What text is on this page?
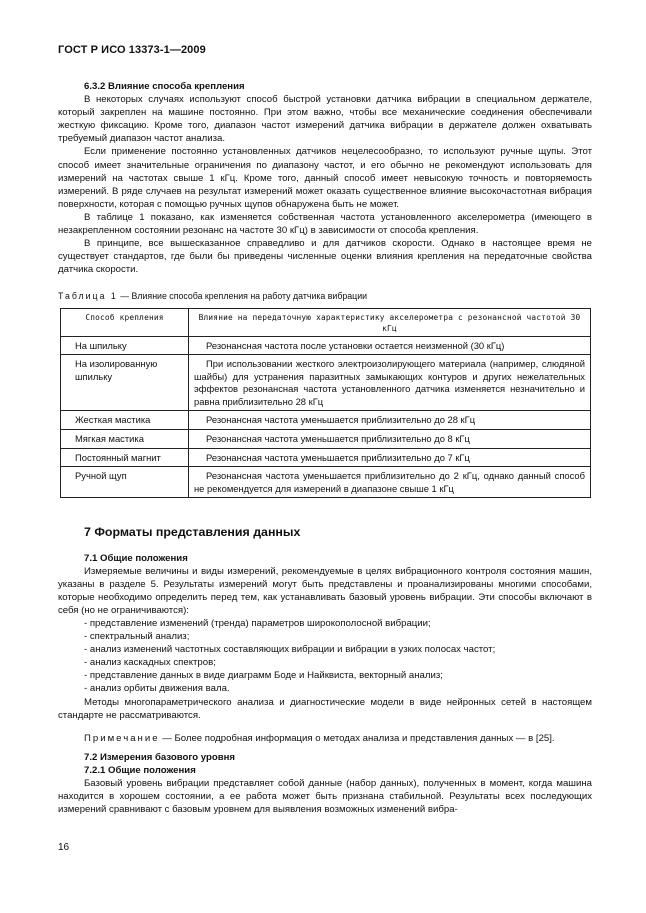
ГОСТ Р ИСО 13373-1—2009
6.3.2 Влияние способа крепления

В некоторых случаях используют способ быстрой установки датчика вибрации в специальном держателе, который закреплен на машине постоянно. При этом важно, чтобы все механические соединения обеспечивали жесткую фиксацию. Кроме того, диапазон частот измерений датчика вибрации в держателе должен охватывать требуемый диапазон частот анализа.

Если применение постоянно установленных датчиков нецелесообразно, то используют ручные щупы. Этот способ имеет значительные ограничения по диапазону частот, и его обычно не рекомендуют использовать для измерений на частотах свыше 1 кГц. Кроме того, данный способ имеет невысокую точность и повторяемость измерений. В ряде случаев на результат измерений может оказать существенное влияние высокочастотная вибрация поверхности, которая с помощью ручных щупов обнаружена быть не может.

В таблице 1 показано, как изменяется собственная частота установленного акселерометра (имеющего в незакрепленном состоянии резонанс на частоте 30 кГц) в зависимости от способа крепления.

В принципе, все вышесказанное справедливо и для датчиков скорости. Однако в настоящее время не существует стандартов, где были бы приведены численные оценки влияния крепления на передаточные свойства датчика скорости.

Таблица 1 — Влияние способа крепления на работу датчика вибрации
Способ крепления	Влияние на передаточную характеристику акселерометра с резонансной частотой 30 кГц
На шпильку	Резонансная частота после установки остается неизменной (30 кГц)
На изолированную шпильку	При использовании жесткого электроизолирующего материала (например, слюдяной шайбы) для устранения паразитных замыкающих контуров и других нежелательных эффектов резонансная частота установленного датчика изменяется незначительно и равна приблизительно 28 кГц
Жесткая мастика	Резонансная частота уменьшается приблизительно до 28 кГц
Мягкая мастика	Резонансная частота уменьшается приблизительно до 8 кГц
Постоянный магнит	Резонансная частота уменьшается приблизительно до 7 кГц
Ручной щуп	Резонансная частота уменьшается приблизительно до 2 кГц, однако данный способ не рекомендуется для измерений в диапазоне свыше 1 кГц
7 Форматы представления данных
7.1 Общие положения

Измеряемые величины и виды измерений, рекомендуемые в целях вибрационного контроля состояния машин, указаны в разделе 5. Результаты измерений могут быть представлены и проанализированы многими способами, которые необходимо определить перед тем, как устанавливать базовый уровень вибрации. Эти способы включают в себя (но не ограничиваются):

- представление изменений (тренда) параметров широкополосной вибрации;
- спектральный анализ;
- анализ изменений частотных составляющих вибрации и вибрации в узких полосах частот;
- анализ каскадных спектров;
- представление данных в виде диаграмм Боде и Найквиста, векторный анализ;
- анализ орбиты движения вала.

Методы многопараметрического анализа и диагностические модели в виде нейронных сетей в настоящем стандарте не рассматриваются.

Примечание — Более подробная информация о методах анализа и представления данных — в [25].
7.2 Измерения базового уровня
7.2.1 Общие положения

Базовый уровень вибрации представляет собой данные (набор данных), полученных в момент, когда машина находится в хорошем состоянии, а ее работа может быть признана стабильной. Результаты всех последующих измерений сравнивают с базовым уровнем для выявления возможных изменений вибра-

16
